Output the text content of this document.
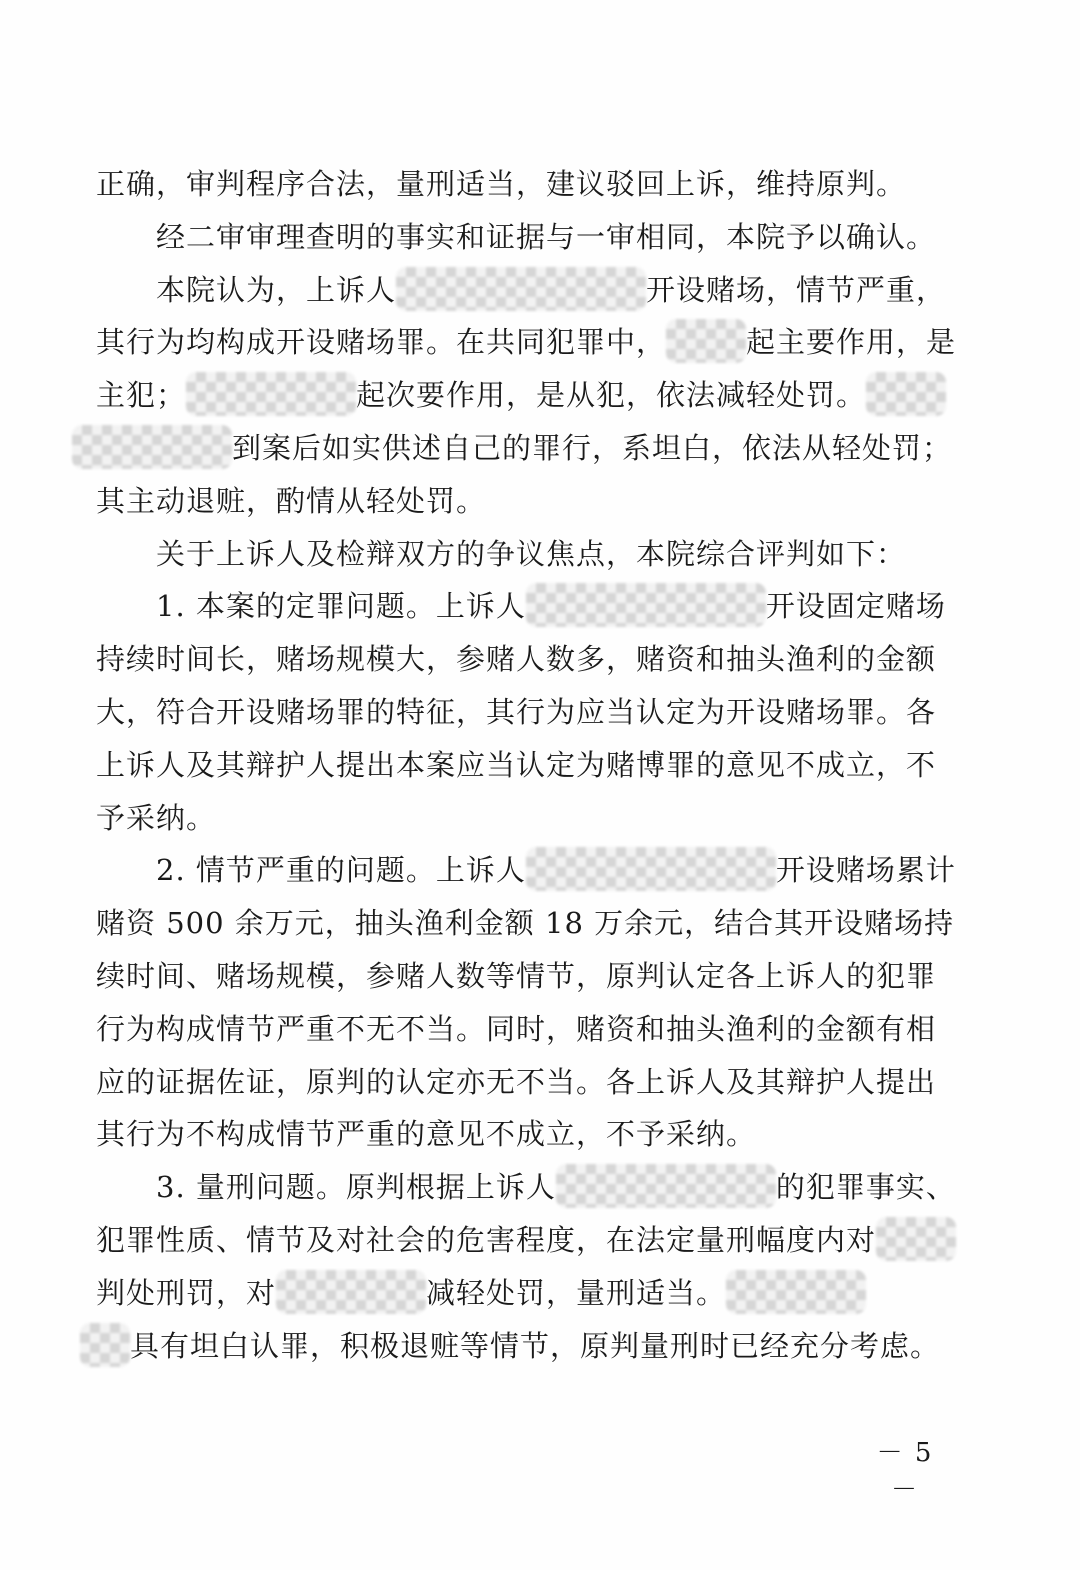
正确，审判程序合法，量刑适当，建议驳回上诉，维持原判。
经二审审理查明的事实和证据与一审相同，本院予以确认。
本院认为，上诉人	开设赌场，情节严重，
其行为均构成开设赌场罪。在共同犯罪中，	起主要作用，是
主犯；	起次要作用，是从犯，依法减轻处罚。
到案后如实供述自己的罪行，系坦白，依法从轻处罚；
其主动退赃，酌情从轻处罚。
关于上诉人及检辩双方的争议焦点，本院综合评判如下：
1. 本案的定罪问题。上诉人	开设固定赌场
持续时间长，赌场规模大，参赌人数多，赌资和抽头渔利的金额
大，符合开设赌场罪的特征，其行为应当认定为开设赌场罪。各
上诉人及其辩护人提出本案应当认定为赌博罪的意见不成立，不
予采纳。
2. 情节严重的问题。上诉人	开设赌场累计
赌资 500 余万元，抽头渔利金额 18 万余元，结合其开设赌场持
续时间、赌场规模，参赌人数等情节，原判认定各上诉人的犯罪
行为构成情节严重不无不当。同时，赌资和抽头渔利的金额有相
应的证据佐证，原判的认定亦无不当。各上诉人及其辩护人提出
其行为不构成情节严重的意见不成立，不予采纳。
3. 量刑问题。原判根据上诉人	的犯罪事实、
犯罪性质、情节及对社会的危害程度，在法定量刑幅度内对
判处刑罚，对	减轻处罚，量刑适当。
具有坦白认罪，积极退赃等情节，原判量刑时已经充分考虑。
－ 5 －
